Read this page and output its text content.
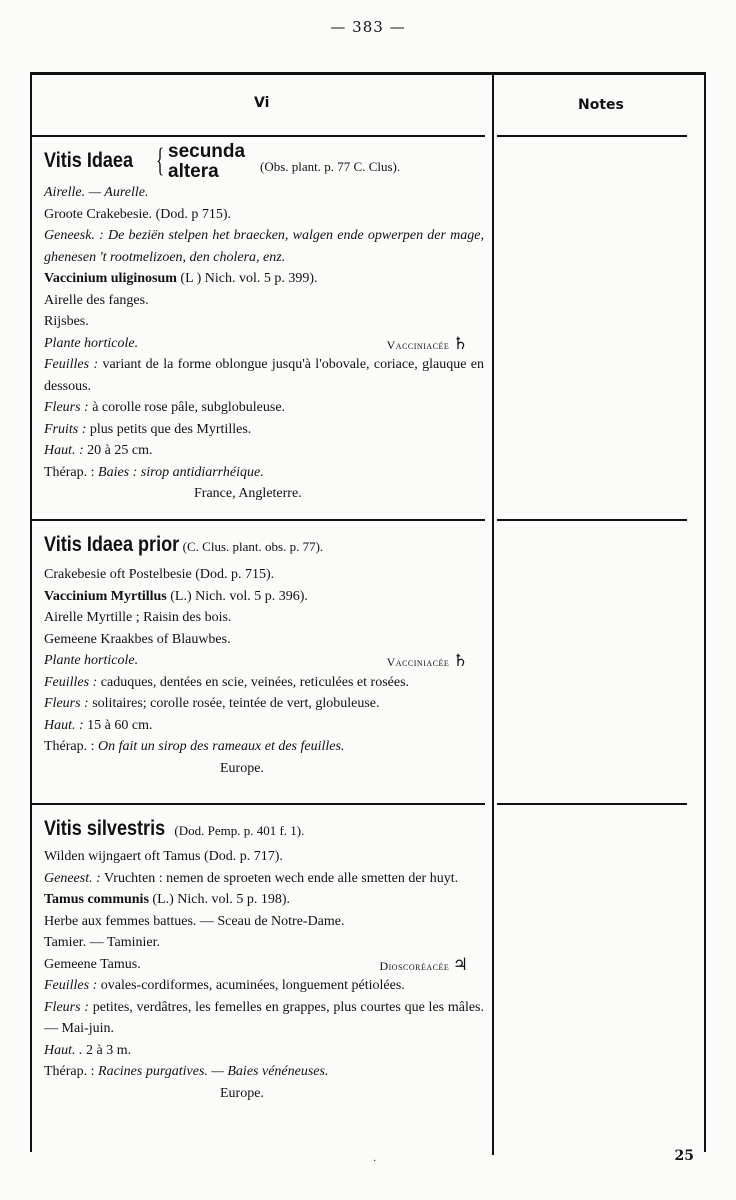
— 383 —
Vi	Notes
Vitis Idaea { secunda
altera	(Obs. plant. p. 77 C. Clus).
Airelle. — Aurelle.
Groote Crakebesie. (Dod. p 715).
Geneesk. : De beziën stelpen het braecken, walgen ende opwerpen der mage, ghenesen 't rootmelizoen, den cholera, enz.
Vaccinium uliginosum (L ) Nich. vol. 5 p. 399).
Airelle des fanges.
Rijsbes.
Plante horticole.	Vacciniacée ♄
Feuilles : variant de la forme oblongue jusqu'à l'obovale, coriace, glauque en dessous.
Fleurs : à corolle rose pâle, subglobuleuse.
Fruits : plus petits que des Myrtilles.
Haut. : 20 à 25 cm.
Thérap. : Baies : sirop antidiarrhéique.
France, Angleterre.
Vitis Idaea prior (C. Clus. plant. obs. p. 77).
Crakebesie oft Postelbesie (Dod. p. 715).
Vaccinium Myrtillus (L.) Nich. vol. 5 p. 396).
Airelle Myrtille ; Raisin des bois.
Gemeene Kraakbes of Blauwbes.
Plante horticole.	Vacciniacée ♄
Feuilles : caduques, dentées en scie, veinées, reticulées et rosées.
Fleurs : solitaires; corolle rosée, teintée de vert, globuleuse.
Haut. : 15 à 60 cm.
Thérap. : On fait un sirop des rameaux et des feuilles.
Europe.
Vitis silvestris (Dod. Pemp. p. 401 f. 1).
Wilden wijngaert oft Tamus (Dod. p. 717).
Geneest. : Vruchten : nemen de sproeten wech ende alle smetten der huyt.
Tamus communis (L.) Nich. vol. 5 p. 198).
Herbe aux femmes battues. — Sceau de Notre-Dame.
Tamier. — Taminier.
Gemeene Tamus.	Dioscoréacée ♃
Feuilles : ovales-cordiformes, acuminées, longuement pétiolées.
Fleurs : petites, verdâtres, les femelles en grappes, plus courtes que les mâles. — Mai-juin.
Haut. . 2 à 3 m.
Thérap. : Racines purgatives. — Baies vénéneuses.
Europe.
25
·
